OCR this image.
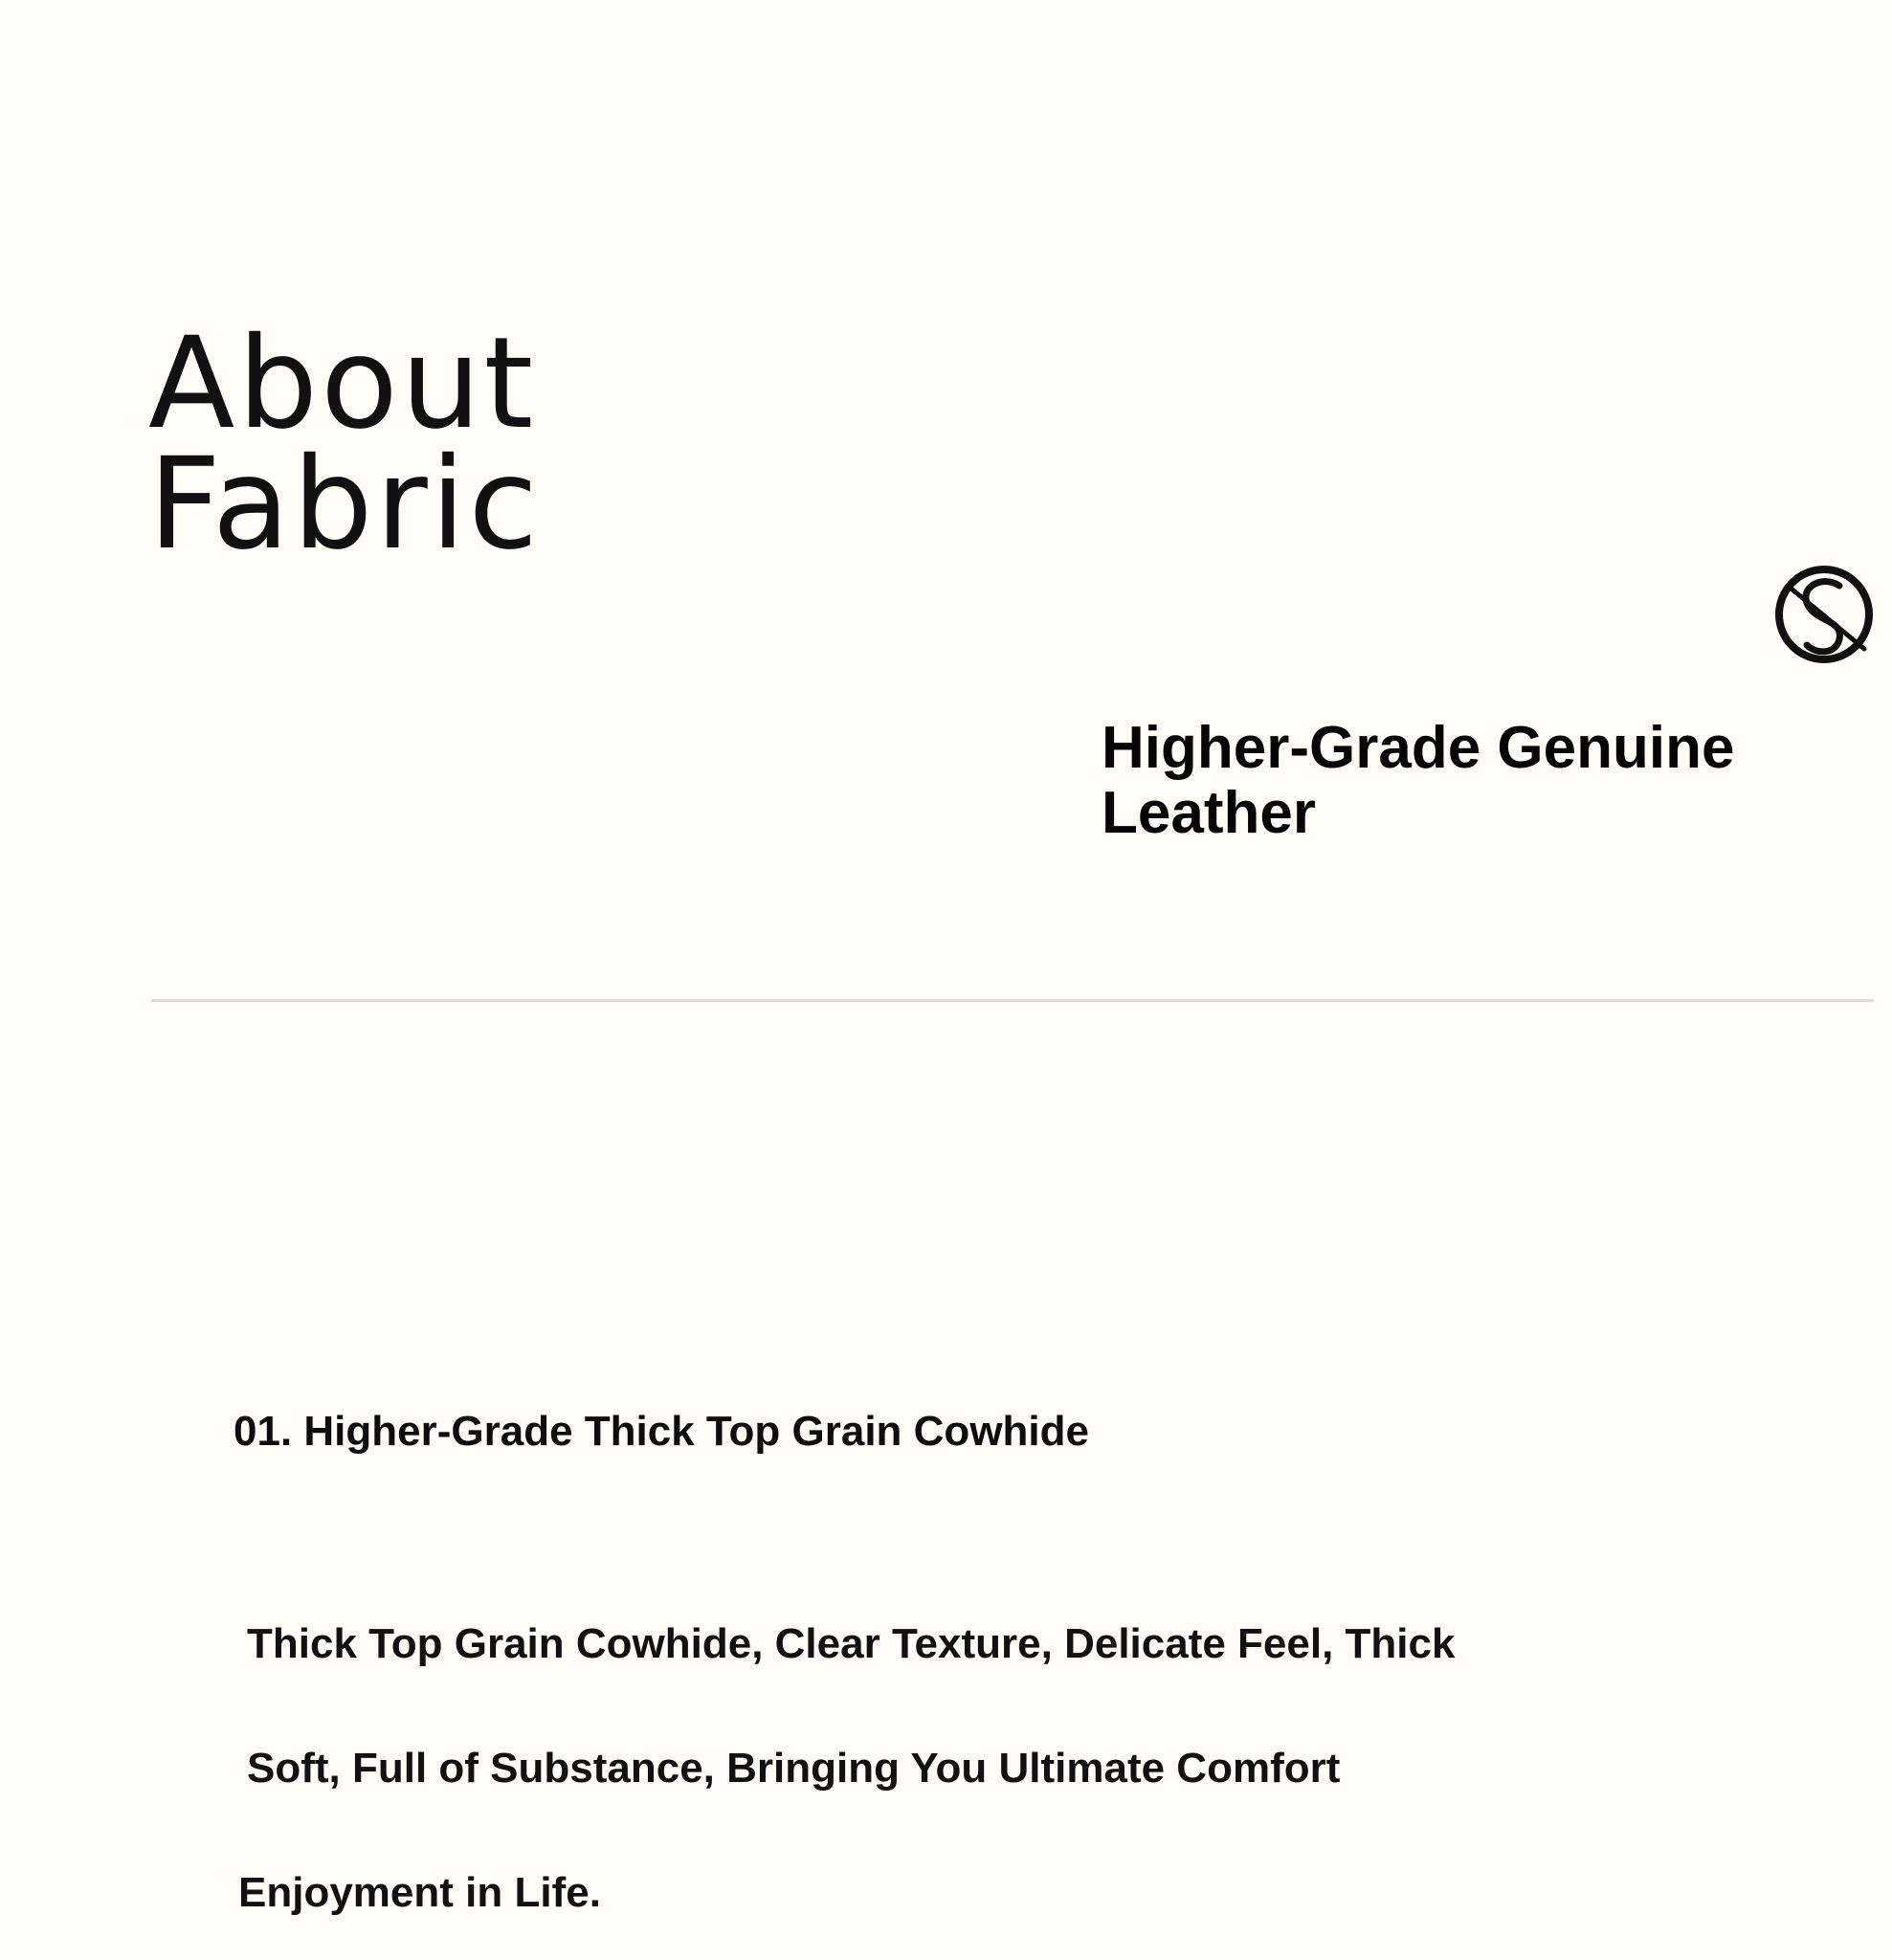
About
Fabric
Higher-Grade Genuine
Leather
01. Higher-Grade Thick Top Grain Cowhide

Thick Top Grain Cowhide, Clear Texture, Delicate Feel, Thick

Soft, Full of Substance, Bringing You Ultimate Comfort

Enjoyment in Life.
